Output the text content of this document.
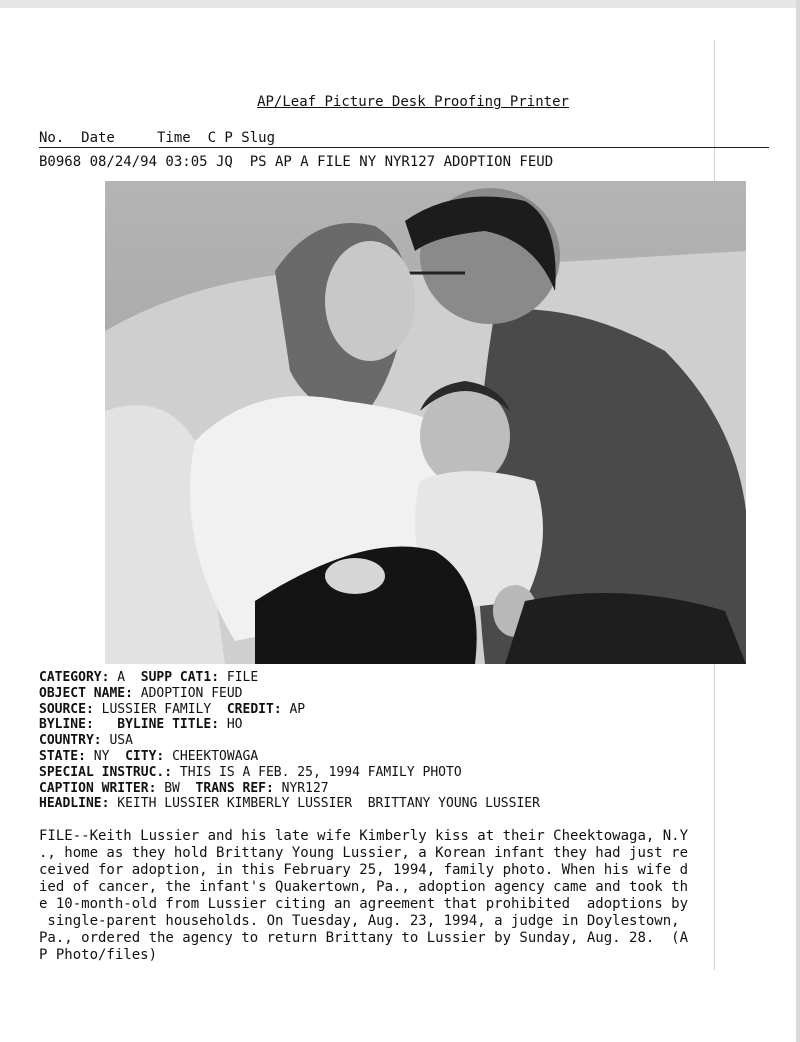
AP/Leaf Picture Desk Proofing Printer
No.  Date     Time  C P Slug
B0968 08/24/94 03:05 JQ  PS AP A FILE NY NYR127 ADOPTION FEUD
CATEGORY: A SUPP CAT1: FILE
OBJECT NAME: ADOPTION FEUD
SOURCE: LUSSIER FAMILY CREDIT: AP
BYLINE: BYLINE TITLE: HO
COUNTRY: USA
STATE: NY CITY: CHEEKTOWAGA
SPECIAL INSTRUC.: THIS IS A FEB. 25, 1994 FAMILY PHOTO
CAPTION WRITER: BW TRANS REF: NYR127
HEADLINE: KEITH LUSSIER KIMBERLY LUSSIER  BRITTANY YOUNG LUSSIER
FILE--Keith Lussier and his late wife Kimberly kiss at their Cheektowaga, N.Y
., home as they hold Brittany Young Lussier, a Korean infant they had just re
ceived for adoption, in this February 25, 1994, family photo. When his wife d
ied of cancer, the infant's Quakertown, Pa., adoption agency came and took th
e 10-month-old from Lussier citing an agreement that prohibited  adoptions by
single-parent households. On Tuesday, Aug. 23, 1994, a judge in Doylestown,
Pa., ordered the agency to return Brittany to Lussier by Sunday, Aug. 28.  (A
P Photo/files)
